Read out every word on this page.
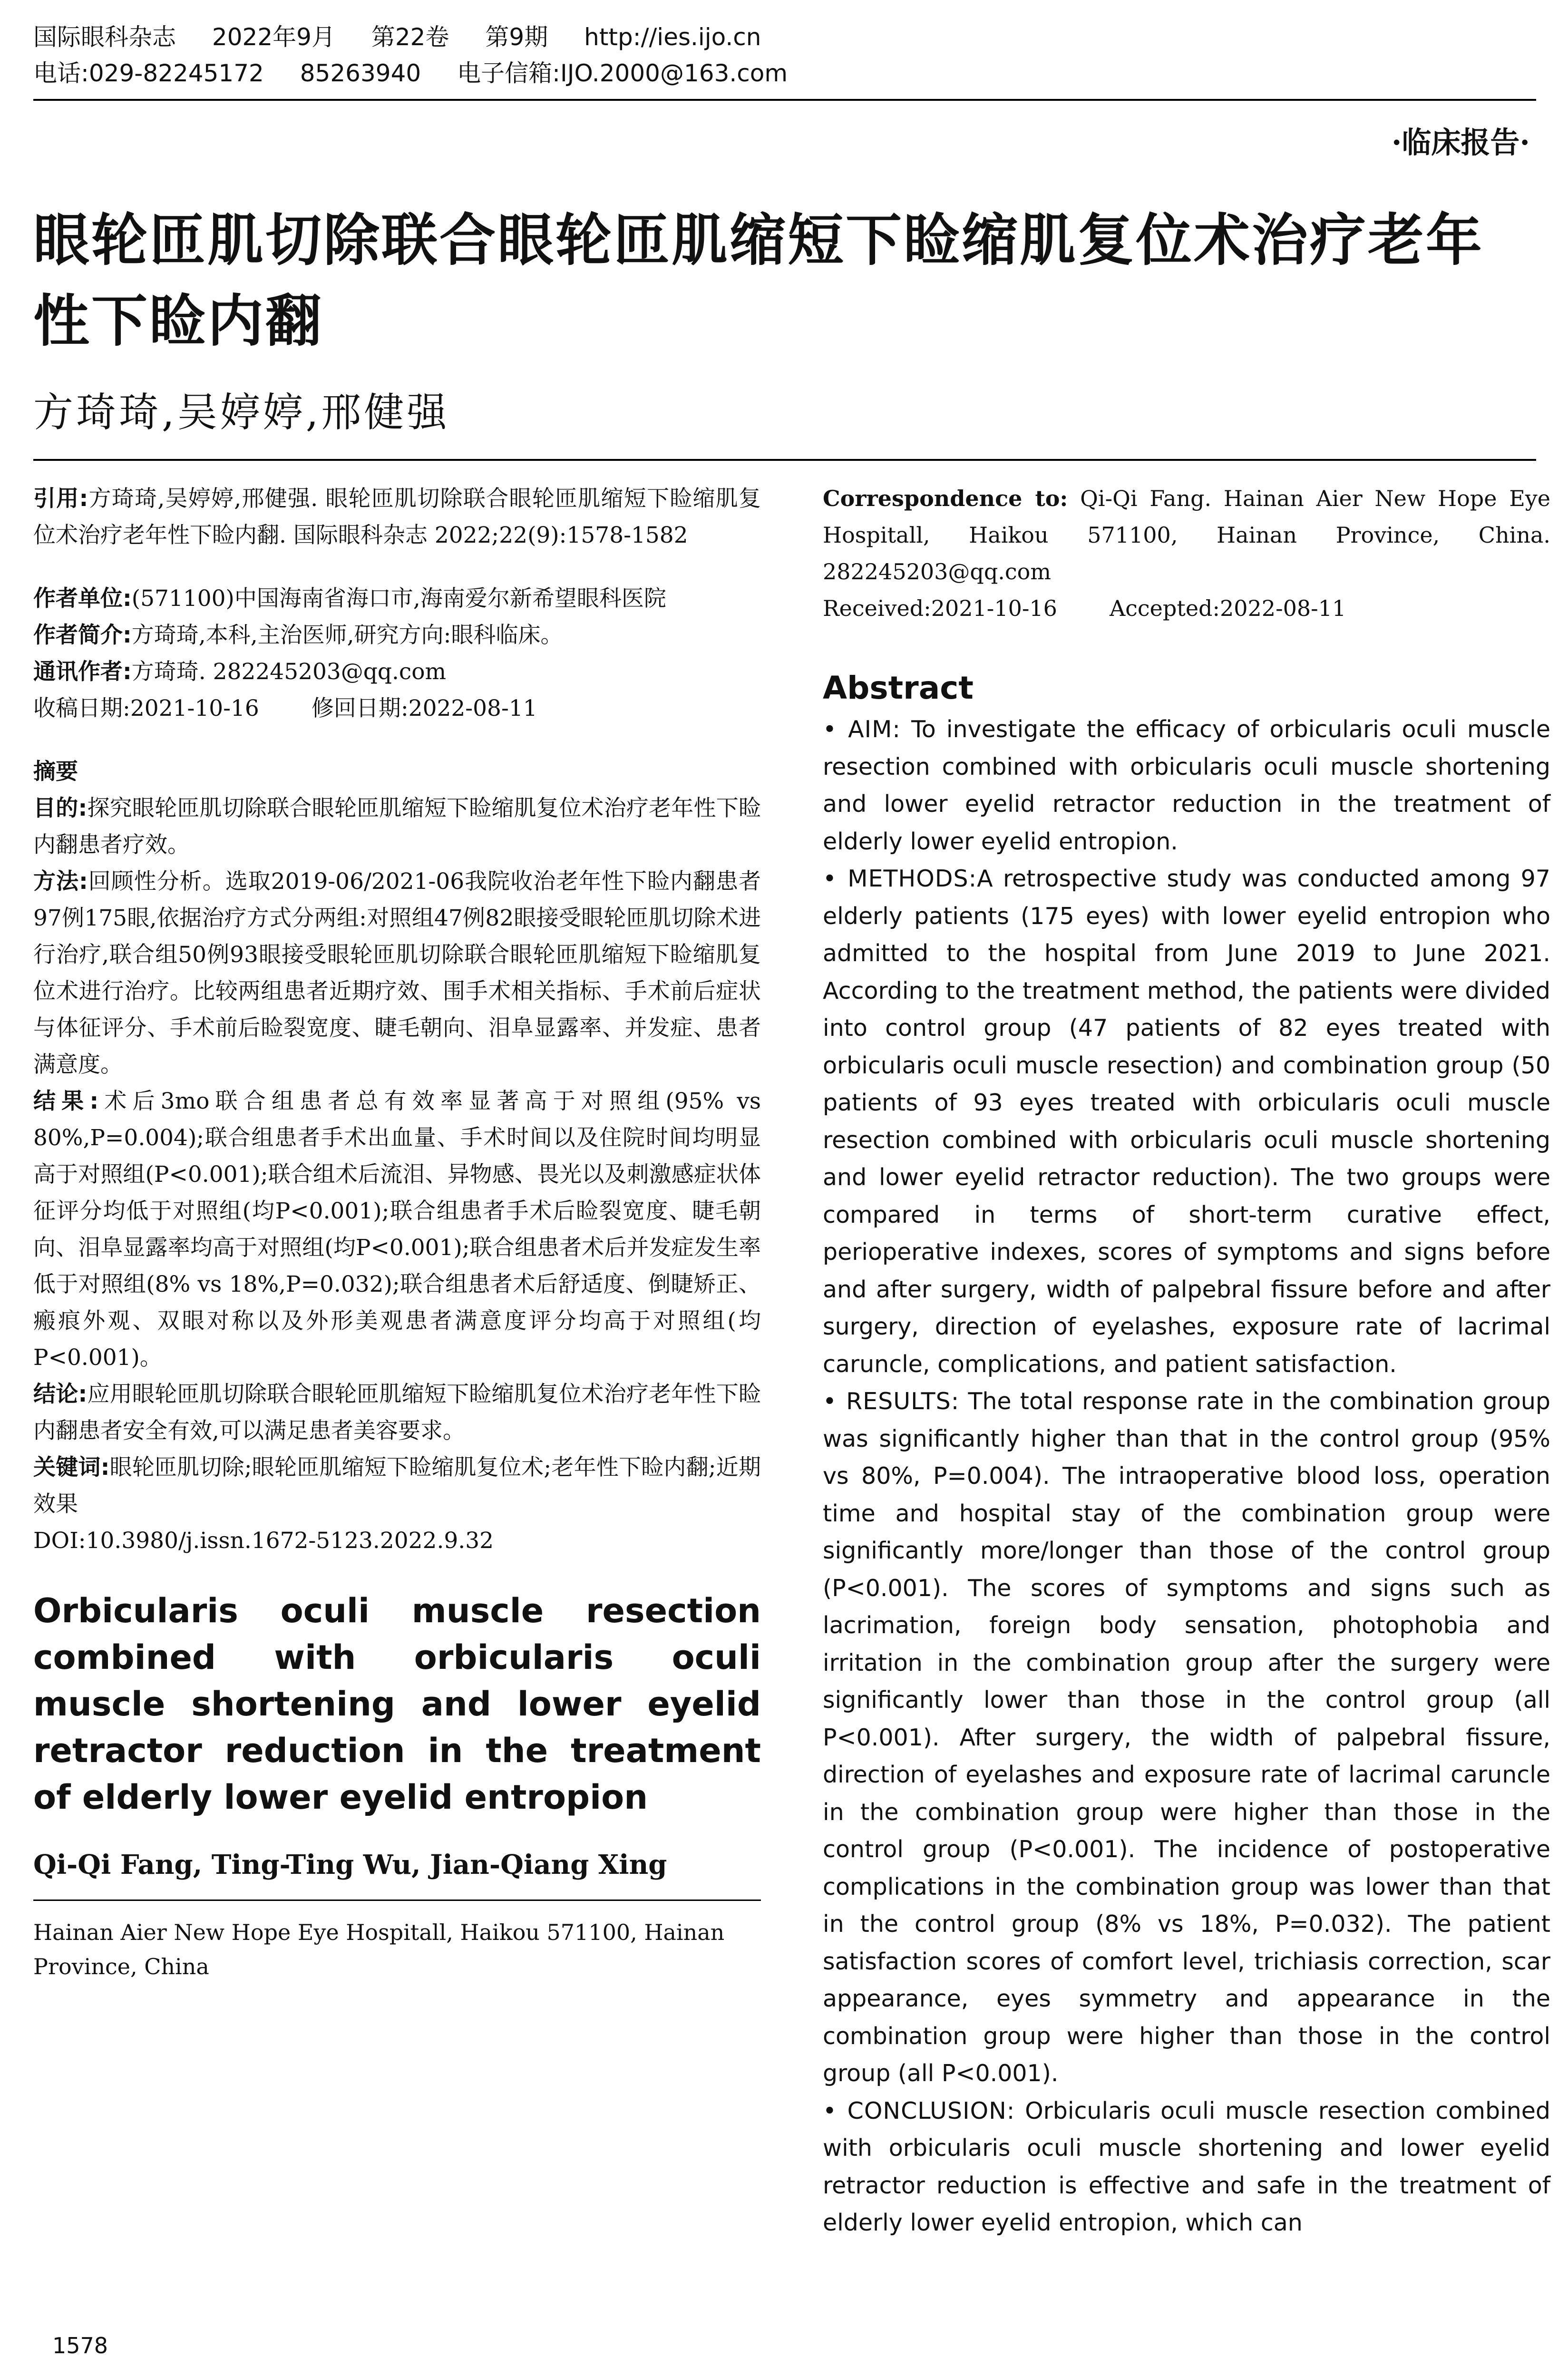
国际眼科杂志 2022年9月 第22卷 第9期 http://ies.ijo.cn
电话:029-82245172 85263940 电子信箱:IJO.2000@163.com
·临床报告·
眼轮匝肌切除联合眼轮匝肌缩短下睑缩肌复位术治疗老年性下睑内翻
方琦琦,吴婷婷,邢健强

引用:方琦琦,吴婷婷,邢健强. 眼轮匝肌切除联合眼轮匝肌缩短下睑缩肌复位术治疗老年性下睑内翻. 国际眼科杂志 2022;22(9):1578-1582

作者单位:(571100)中国海南省海口市,海南爱尔新希望眼科医院

作者简介:方琦琦,本科,主治医师,研究方向:眼科临床。

通讯作者:方琦琦. 282245203@qq.com

收稿日期:2021-10-16 修回日期:2022-08-11

摘要

目的:探究眼轮匝肌切除联合眼轮匝肌缩短下睑缩肌复位术治疗老年性下睑内翻患者疗效。

方法:回顾性分析。选取2019-06/2021-06我院收治老年性下睑内翻患者97例175眼,依据治疗方式分两组:对照组47例82眼接受眼轮匝肌切除术进行治疗,联合组50例93眼接受眼轮匝肌切除联合眼轮匝肌缩短下睑缩肌复位术进行治疗。比较两组患者近期疗效、围手术相关指标、手术前后症状与体征评分、手术前后睑裂宽度、睫毛朝向、泪阜显露率、并发症、患者满意度。

结果:术后3mo联合组患者总有效率显著高于对照组(95% vs 80%,P=0.004);联合组患者手术出血量、手术时间以及住院时间均明显高于对照组(P<0.001);联合组术后流泪、异物感、畏光以及刺激感症状体征评分均低于对照组(均P<0.001);联合组患者手术后睑裂宽度、睫毛朝向、泪阜显露率均高于对照组(均P<0.001);联合组患者术后并发症发生率低于对照组(8% vs 18%,P=0.032);联合组患者术后舒适度、倒睫矫正、瘢痕外观、双眼对称以及外形美观患者满意度评分均高于对照组(均P<0.001)。

结论:应用眼轮匝肌切除联合眼轮匝肌缩短下睑缩肌复位术治疗老年性下睑内翻患者安全有效,可以满足患者美容要求。

关键词:眼轮匝肌切除;眼轮匝肌缩短下睑缩肌复位术;老年性下睑内翻;近期效果

DOI:10.3980/j.issn.1672-5123.2022.9.32

Orbicularis oculi muscle resection combined with orbicularis oculi muscle shortening and lower eyelid retractor reduction in the treatment of elderly lower eyelid entropion
Qi-Qi Fang, Ting-Ting Wu, Jian-Qiang Xing
Hainan Aier New Hope Eye Hospitall, Haikou 571100, Hainan Province, China
1578
Correspondence to: Qi-Qi Fang. Hainan Aier New Hope Eye Hospitall, Haikou 571100, Hainan Province, China. 282245203@qq.com
Received:2021-10-16 Accepted:2022-08-11
Abstract

• AIM: To investigate the efficacy of orbicularis oculi muscle resection combined with orbicularis oculi muscle shortening and lower eyelid retractor reduction in the treatment of elderly lower eyelid entropion.

• METHODS:A retrospective study was conducted among 97 elderly patients (175 eyes) with lower eyelid entropion who admitted to the hospital from June 2019 to June 2021. According to the treatment method, the patients were divided into control group (47 patients of 82 eyes treated with orbicularis oculi muscle resection) and combination group (50 patients of 93 eyes treated with orbicularis oculi muscle resection combined with orbicularis oculi muscle shortening and lower eyelid retractor reduction). The two groups were compared in terms of short-term curative effect, perioperative indexes, scores of symptoms and signs before and after surgery, width of palpebral fissure before and after surgery, direction of eyelashes, exposure rate of lacrimal caruncle, complications, and patient satisfaction.

• RESULTS: The total response rate in the combination group was significantly higher than that in the control group (95% vs 80%, P=0.004). The intraoperative blood loss, operation time and hospital stay of the combination group were significantly more/longer than those of the control group (P<0.001). The scores of symptoms and signs such as lacrimation, foreign body sensation, photophobia and irritation in the combination group after the surgery were significantly lower than those in the control group (all P<0.001). After surgery, the width of palpebral fissure, direction of eyelashes and exposure rate of lacrimal caruncle in the combination group were higher than those in the control group (P<0.001). The incidence of postoperative complications in the combination group was lower than that in the control group (8% vs 18%, P=0.032). The patient satisfaction scores of comfort level, trichiasis correction, scar appearance, eyes symmetry and appearance in the combination group were higher than those in the control group (all P<0.001).

• CONCLUSION: Orbicularis oculi muscle resection combined with orbicularis oculi muscle shortening and lower eyelid retractor reduction is effective and safe in the treatment of elderly lower eyelid entropion, which can
